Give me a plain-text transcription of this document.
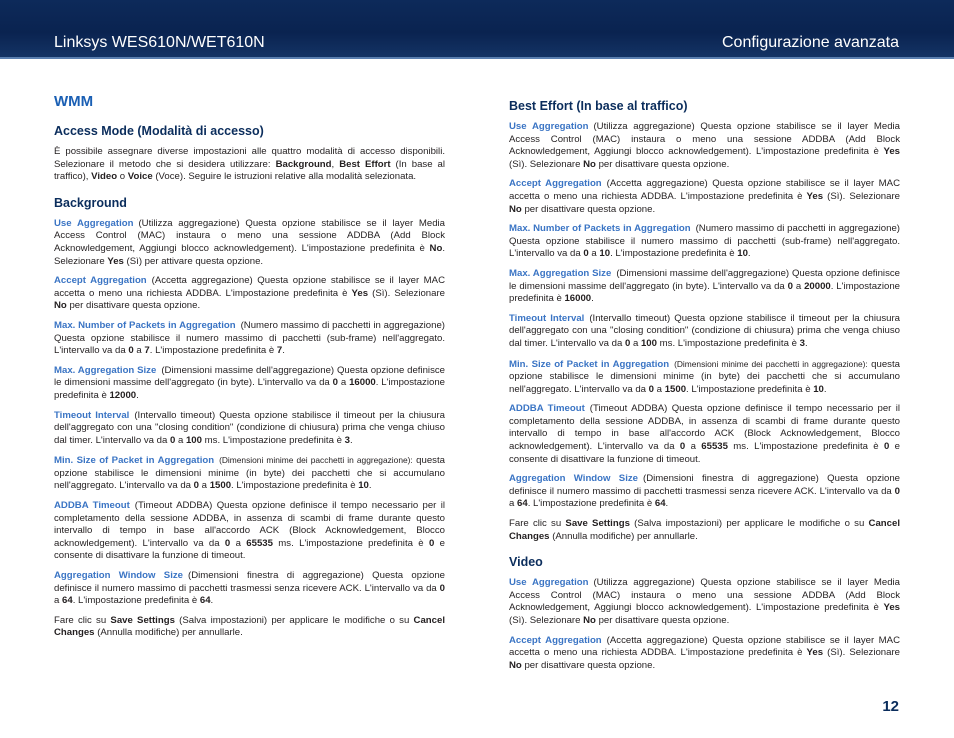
Linksys WES610N/WET610N	Configurazione avanzata
WMM
Access Mode (Modalità di accesso)

È possibile assegnare diverse impostazioni alle quattro modalità di accesso disponibili. Selezionare il metodo che si desidera utilizzare: Background, Best Effort (In base al traffico), Video o Voice (Voce). Seguire le istruzioni relative alla modalità selezionata.

Background

Use Aggregation (Utilizza aggregazione) Questa opzione stabilisce se il layer Media Access Control (MAC) instaura o meno una sessione ADDBA (Add Block Acknowledgement, Aggiungi blocco acknowledgement). L'impostazione predefinita è No. Selezionare Yes (Sì) per attivare questa opzione.

Accept Aggregation (Accetta aggregazione) Questa opzione stabilisce se il layer MAC accetta o meno una richiesta ADDBA. L'impostazione predefinita è Yes (Sì). Selezionare No per disattivare questa opzione.

Max. Number of Packets in Aggregation (Numero massimo di pacchetti in aggregazione) Questa opzione stabilisce il numero massimo di pacchetti (sub-frame) nell'aggregato. L'intervallo va da 0 a 7. L'impostazione predefinita è 7.

Max. Aggregation Size (Dimensioni massime dell'aggregazione) Questa opzione definisce le dimensioni massime dell'aggregato (in byte). L'intervallo va da 0 a 16000. L'impostazione predefinita è 12000.

Timeout Interval (Intervallo timeout) Questa opzione stabilisce il timeout per la chiusura dell'aggregato con una "closing condition" (condizione di chiusura) prima che venga chiuso dal timer. L'intervallo va da 0 a 100 ms. L'impostazione predefinita è 3.

Min. Size of Packet in Aggregation (Dimensioni minime dei pacchetti in aggregazione): questa opzione stabilisce le dimensioni minime (in byte) dei pacchetti che si accumulano nell'aggregato. L'intervallo va da 0 a 1500. L'impostazione predefinita è 10.

ADDBA Timeout (Timeout ADDBA) Questa opzione definisce il tempo necessario per il completamento della sessione ADDBA, in assenza di scambi di frame durante questo intervallo di tempo in base all'accordo ACK (Block Acknowledgement, Blocco acknowledgement). L'intervallo va da 0 a 65535 ms. L'impostazione predefinita è 0 e consente di disattivare la funzione di timeout.

Aggregation Window Size (Dimensioni finestra di aggregazione) Questa opzione definisce il numero massimo di pacchetti trasmessi senza ricevere ACK. L'intervallo va da 0 a 64. L'impostazione predefinita è 64.

Fare clic su Save Settings (Salva impostazioni) per applicare le modifiche o su Cancel Changes (Annulla modifiche) per annullarle.

Best Effort (In base al traffico)

Use Aggregation (Utilizza aggregazione) Questa opzione stabilisce se il layer Media Access Control (MAC) instaura o meno una sessione ADDBA (Add Block Acknowledgement, Aggiungi blocco acknowledgement). L'impostazione predefinita è Yes (Sì). Selezionare No per disattivare questa opzione.

Accept Aggregation (Accetta aggregazione) Questa opzione stabilisce se il layer MAC accetta o meno una richiesta ADDBA. L'impostazione predefinita è Yes (Sì). Selezionare No per disattivare questa opzione.

Max. Number of Packets in Aggregation (Numero massimo di pacchetti in aggregazione) Questa opzione stabilisce il numero massimo di pacchetti (sub-frame) nell'aggregato. L'intervallo va da 0 a 10. L'impostazione predefinita è 10.

Max. Aggregation Size (Dimensioni massime dell'aggregazione) Questa opzione definisce le dimensioni massime dell'aggregato (in byte). L'intervallo va da 0 a 20000. L'impostazione predefinita è 16000.

Timeout Interval (Intervallo timeout) Questa opzione stabilisce il timeout per la chiusura dell'aggregato con una "closing condition" (condizione di chiusura) prima che venga chiuso dal timer. L'intervallo va da 0 a 100 ms. L'impostazione predefinita è 3.

Min. Size of Packet in Aggregation (Dimensioni minime dei pacchetti in aggregazione): questa opzione stabilisce le dimensioni minime (in byte) dei pacchetti che si accumulano nell'aggregato. L'intervallo va da 0 a 1500. L'impostazione predefinita è 10.

ADDBA Timeout (Timeout ADDBA) Questa opzione definisce il tempo necessario per il completamento della sessione ADDBA, in assenza di scambi di frame durante questo intervallo di tempo in base all'accordo ACK (Block Acknowledgement, Blocco acknowledgement). L'intervallo va da 0 a 65535 ms. L'impostazione predefinita è 0 e consente di disattivare la funzione di timeout.

Aggregation Window Size (Dimensioni finestra di aggregazione) Questa opzione definisce il numero massimo di pacchetti trasmessi senza ricevere ACK. L'intervallo va da 0 a 64. L'impostazione predefinita è 64.

Fare clic su Save Settings (Salva impostazioni) per applicare le modifiche o su Cancel Changes (Annulla modifiche) per annullarle.

Video

Use Aggregation (Utilizza aggregazione) Questa opzione stabilisce se il layer Media Access Control (MAC) instaura o meno una sessione ADDBA (Add Block Acknowledgement, Aggiungi blocco acknowledgement). L'impostazione predefinita è Yes (Sì). Selezionare No per disattivare questa opzione.

Accept Aggregation (Accetta aggregazione) Questa opzione stabilisce se il layer MAC accetta o meno una richiesta ADDBA. L'impostazione predefinita è Yes (Sì). Selezionare No per disattivare questa opzione.

12
